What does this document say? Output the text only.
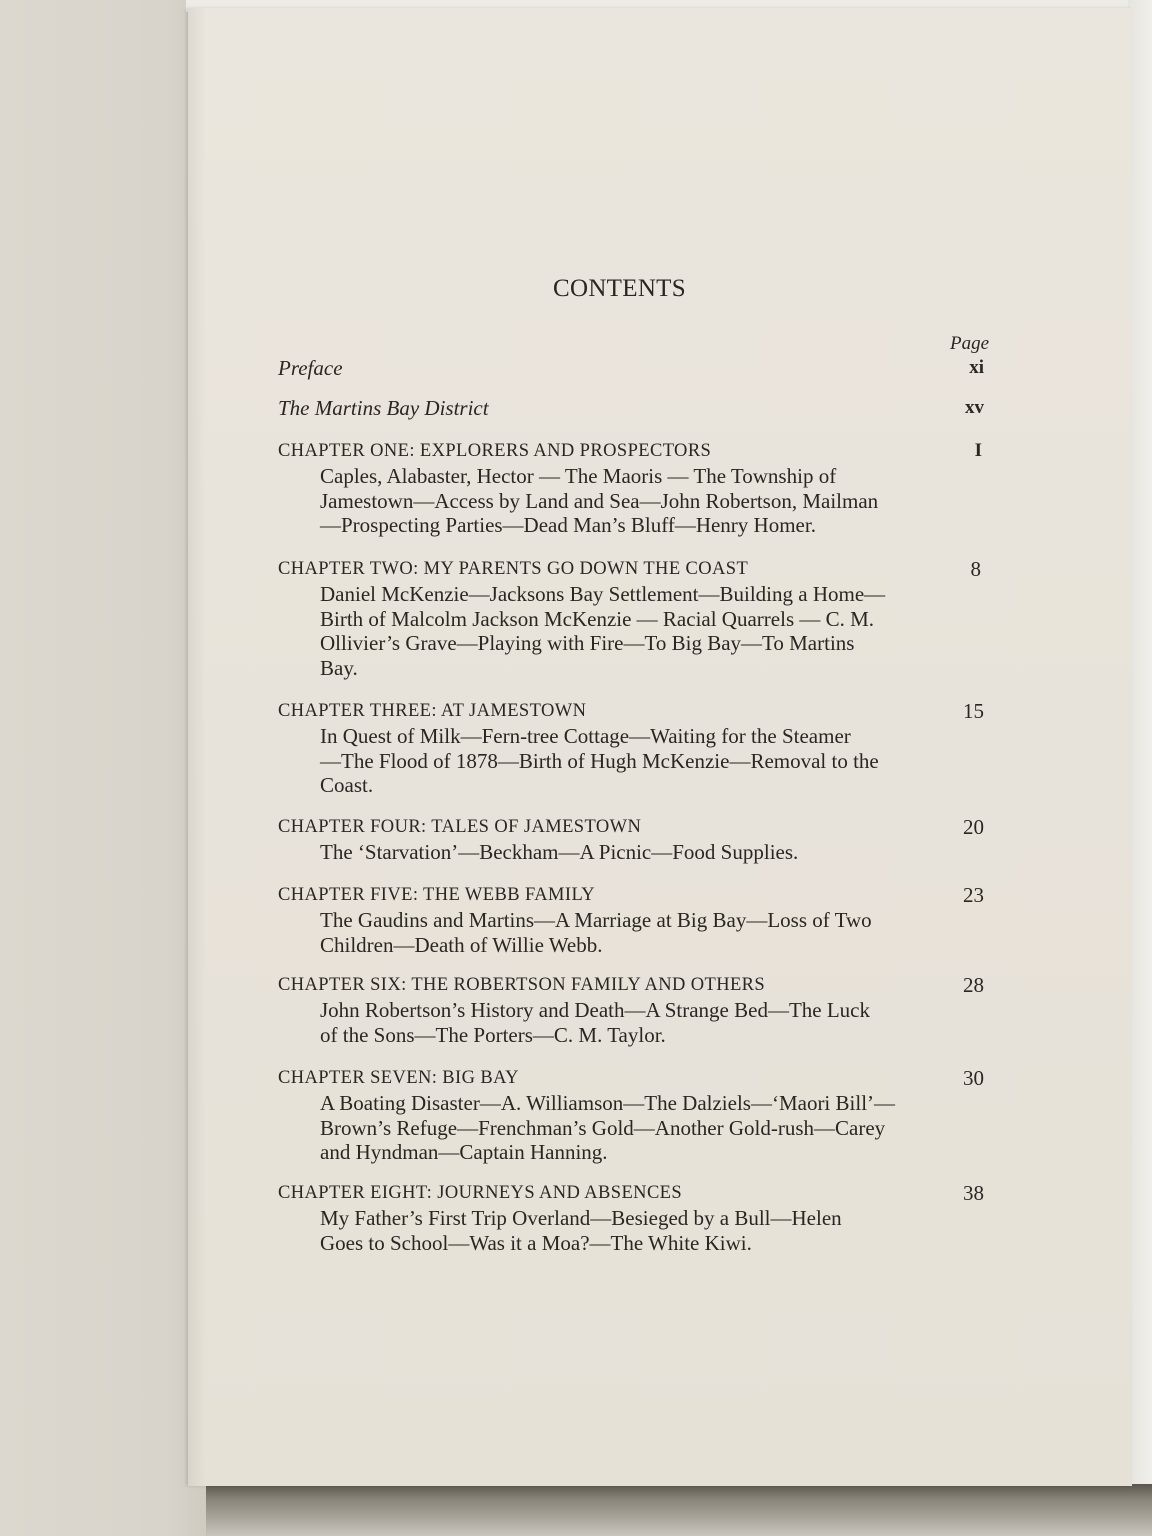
CONTENTS
Page
Preface	xi
The Martins Bay District	xv
CHAPTER ONE: EXPLORERS AND PROSPECTORS	I
Caples, Alabaster, Hector — The Maoris — The Township of
Jamestown—Access by Land and Sea—John Robertson, Mailman
—Prospecting Parties—Dead Man’s Bluff—Henry Homer.
CHAPTER TWO: MY PARENTS GO DOWN THE COAST	8
Daniel McKenzie—Jacksons Bay Settlement—Building a Home—
Birth of Malcolm Jackson McKenzie — Racial Quarrels — C. M.
Ollivier’s Grave—Playing with Fire—To Big Bay—To Martins
Bay.
CHAPTER THREE: AT JAMESTOWN	15
In Quest of Milk—Fern-tree Cottage—Waiting for the Steamer
—The Flood of 1878—Birth of Hugh McKenzie—Removal to the
Coast.
CHAPTER FOUR: TALES OF JAMESTOWN	20
The ‘Starvation’—Beckham—A Picnic—Food Supplies.
CHAPTER FIVE: THE WEBB FAMILY	23
The Gaudins and Martins—A Marriage at Big Bay—Loss of Two
Children—Death of Willie Webb.
CHAPTER SIX: THE ROBERTSON FAMILY AND OTHERS	28
John Robertson’s History and Death—A Strange Bed—The Luck
of the Sons—The Porters—C. M. Taylor.
CHAPTER SEVEN: BIG BAY	30
A Boating Disaster—A. Williamson—The Dalziels—‘Maori Bill’—
Brown’s Refuge—Frenchman’s Gold—Another Gold-rush—Carey
and Hyndman—Captain Hanning.
CHAPTER EIGHT: JOURNEYS AND ABSENCES	38
My Father’s First Trip Overland—Besieged by a Bull—Helen
Goes to School—Was it a Moa?—The White Kiwi.
